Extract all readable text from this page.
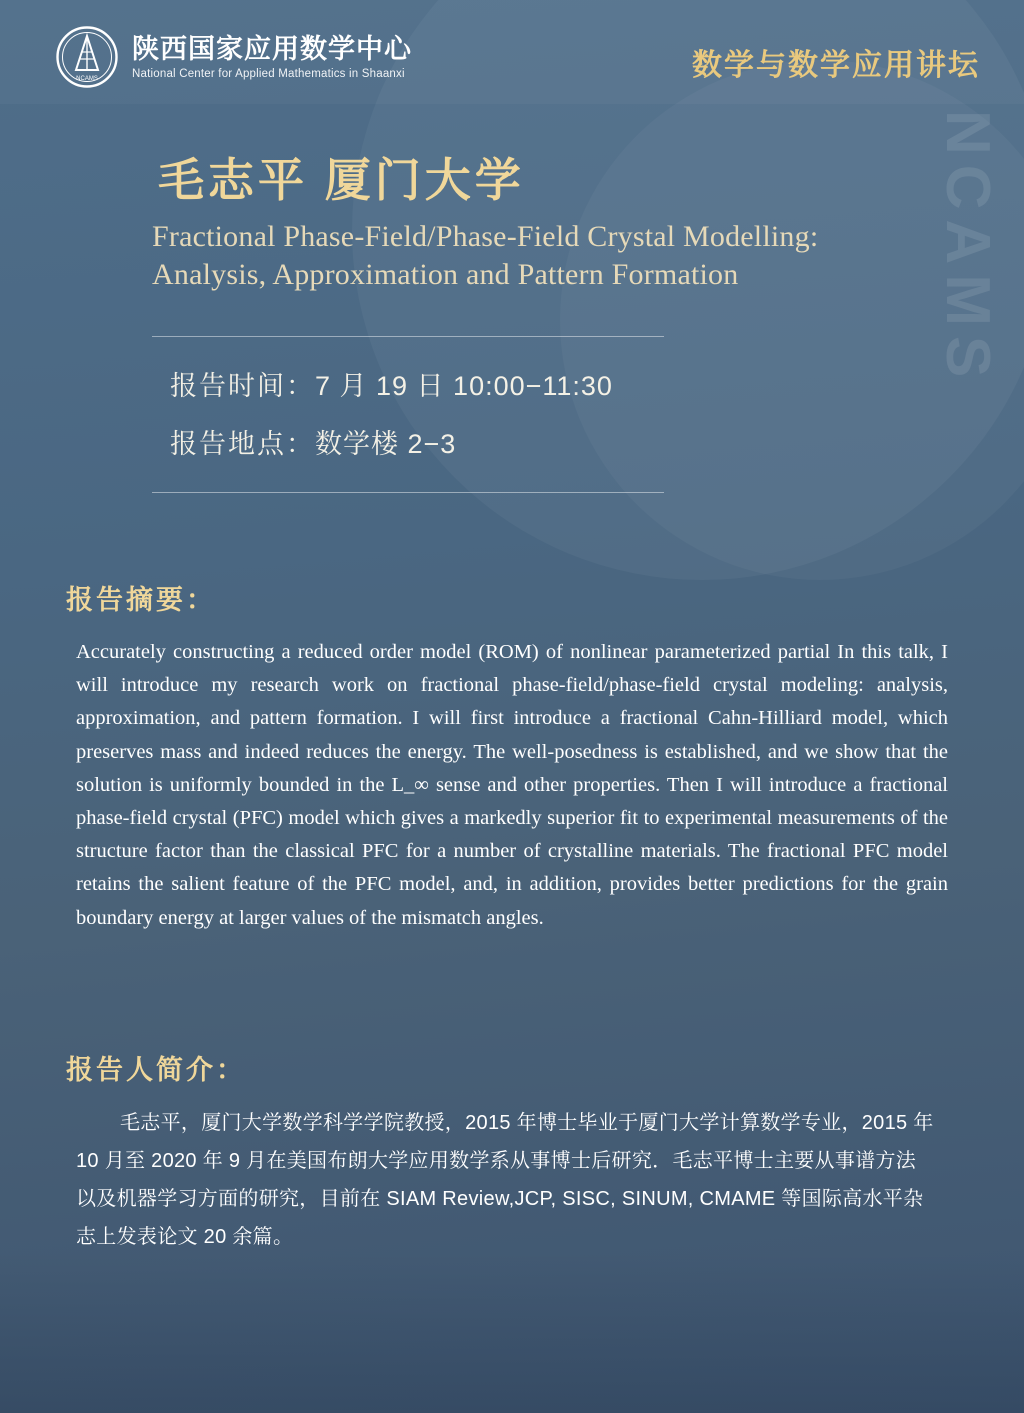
NCAMS
NCAMS
陕西国家应用数学中心
National Center for Applied Mathematics in Shaanxi	数学与数学应用讲坛
毛志平 厦门大学
Fractional Phase-Field/Phase-Field Crystal Modelling: Analysis, Approximation and Pattern Formation
报告时间：7 月 19 日 10:00−11:30
报告地点：数学楼 2−3
报告摘要：
Accurately constructing a reduced order model (ROM) of nonlinear parameterized partial In this talk, I will introduce my research work on fractional phase-field/phase-field crystal modeling: analysis, approximation, and pattern formation. I will first introduce a fractional Cahn-Hilliard model, which preserves mass and indeed reduces the energy. The well-posedness is established, and we show that the solution is uniformly bounded in the L_∞ sense and other properties. Then I will introduce a fractional phase-field crystal (PFC) model which gives a markedly superior fit to experimental measurements of the structure factor than the classical PFC for a number of crystalline materials. The fractional PFC model retains the salient feature of the PFC model, and, in addition, provides better predictions for the grain boundary energy at larger values of the mismatch angles.
报告人简介：
毛志平，厦门大学数学科学学院教授，2015 年博士毕业于厦门大学计算数学专业，2015 年 10 月至 2020 年 9 月在美国布朗大学应用数学系从事博士后研究．毛志平博士主要从事谱方法以及机器学习方面的研究，目前在 SIAM Review,JCP, SISC, SINUM, CMAME 等国际高水平杂志上发表论文 20 余篇。
